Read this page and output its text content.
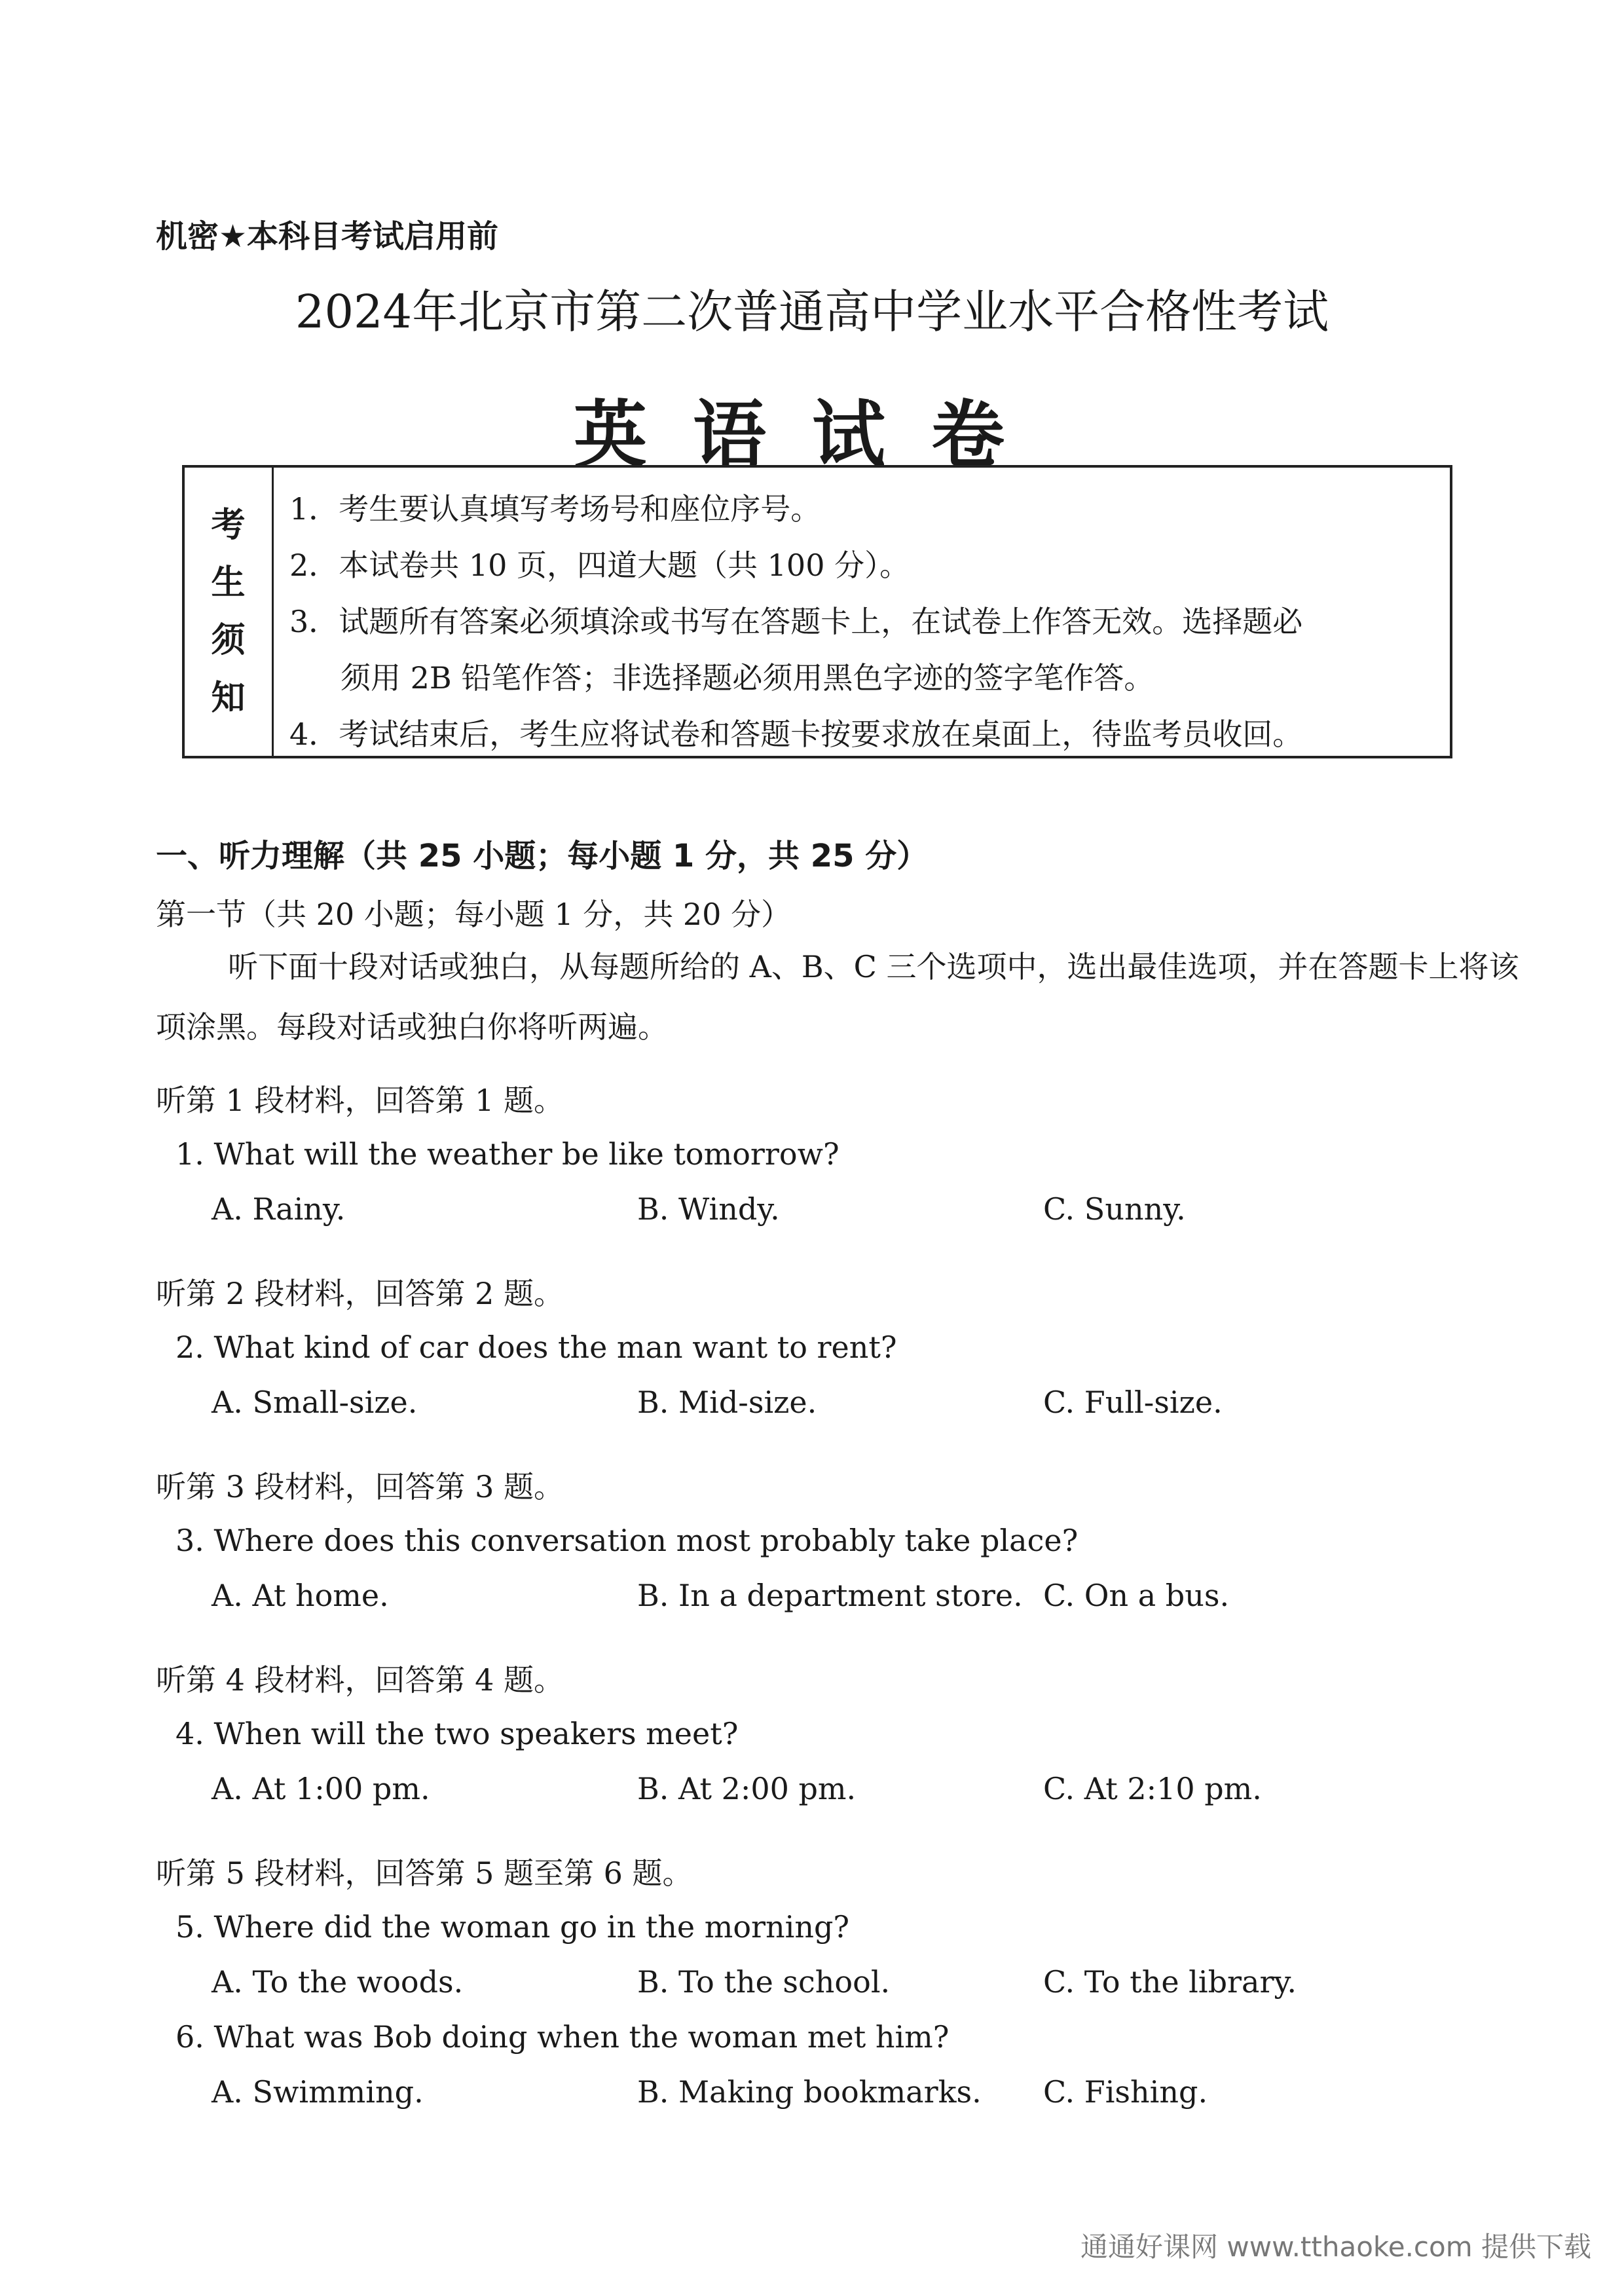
机密★本科目考试启用前
2024年北京市第二次普通高中学业水平合格性考试
英语试卷
考
生
须
知
1．考生要认真填写考场号和座位序号。
2．本试卷共 10 页，四道大题（共 100 分）。
3．试题所有答案必须填涂或书写在答题卡上，在试卷上作答无效。选择题必
须用 2B 铅笔作答；非选择题必须用黑色字迹的签字笔作答。
4．考试结束后，考生应将试卷和答题卡按要求放在桌面上，待监考员收回。
一、听力理解（共 25 小题；每小题 1 分，共 25 分）
第一节（共 20 小题；每小题 1 分，共 20 分）
听下面十段对话或独白，从每题所给的 A、B、C 三个选项中，选出最佳选项，并在答题卡上将该项涂黑。每段对话或独白你将听两遍。
听第 1 段材料，回答第 1 题。
1. What will the weather be like tomorrow?
A. Rainy.	B. Windy.	C. Sunny.
听第 2 段材料，回答第 2 题。
2. What kind of car does the man want to rent?
A. Small-size.	B. Mid-size.	C. Full-size.
听第 3 段材料，回答第 3 题。
3. Where does this conversation most probably take place?
A. At home.	B. In a department store. C. On a bus.
听第 4 段材料，回答第 4 题。
4. When will the two speakers meet?
A. At 1:00 pm.	B. At 2:00 pm.	C. At 2:10 pm.
听第 5 段材料，回答第 5 题至第 6 题。
5. Where did the woman go in the morning?
A. To the woods.	B. To the school.	C. To the library.
6. What was Bob doing when the woman met him?
A. Swimming.	B. Making bookmarks. C. Fishing.
通通好课网 www.tthaoke.com 提供下载
